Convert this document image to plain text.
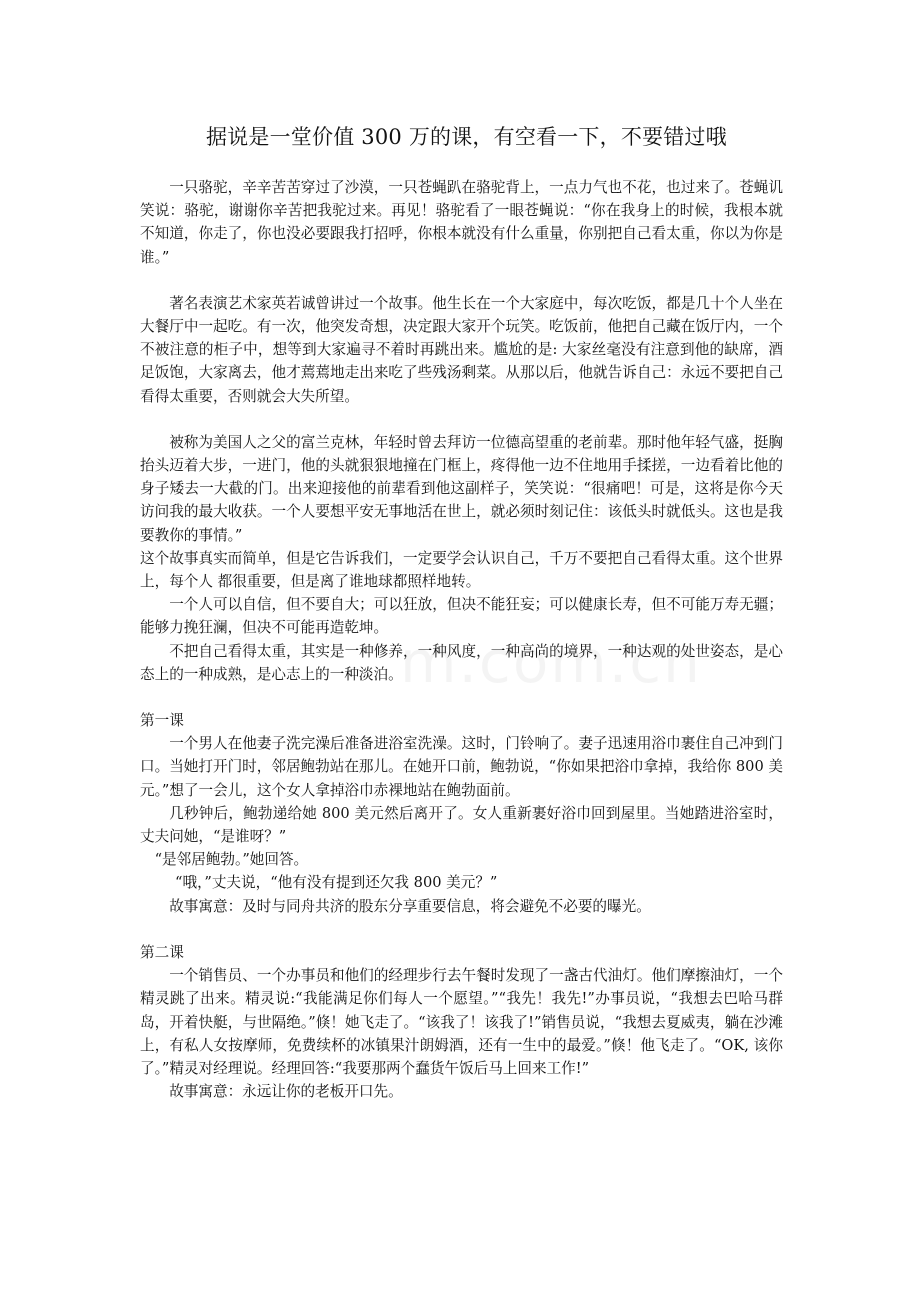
据说是一堂价值 300 万的课，有空看一下，不要错过哦

一只骆驼，辛辛苦苦穿过了沙漠，一只苍蝇趴在骆驼背上，一点力气也不花，也过来了。苍蝇讥笑说：骆驼，谢谢你辛苦把我驼过来。再见！骆驼看了一眼苍蝇说：“你在我身上的时候，我根本就不知道，你走了，你也没必要跟我打招呼，你根本就没有什么重量，你别把自己看太重，你以为你是谁。”

著名表演艺术家英若诚曾讲过一个故事。他生长在一个大家庭中，每次吃饭，都是几十个人坐在大餐厅中一起吃。有一次，他突发奇想，决定跟大家开个玩笑。吃饭前，他把自己藏在饭厅内，一个不被注意的柜子中，想等到大家遍寻不着时再跳出来。尴尬的是: 大家丝毫没有注意到他的缺席，酒足饭饱，大家离去，他才蔫蔫地走出来吃了些残汤剩菜。从那以后，他就告诉自己：永远不要把自己看得太重要，否则就会大失所望。

被称为美国人之父的富兰克林，年轻时曾去拜访一位德高望重的老前辈。那时他年轻气盛，挺胸抬头迈着大步，一进门，他的头就狠狠地撞在门框上，疼得他一边不住地用手揉搓，一边看着比他的身子矮去一大截的门。出来迎接他的前辈看到他这副样子，笑笑说：“很痛吧！可是，这将是你今天访问我的最大收获。一个人要想平安无事地活在世上，就必须时刻记住：该低头时就低头。这也是我要教你的事情。”

这个故事真实而简单，但是它告诉我们，一定要学会认识自己，千万不要把自己看得太重。这个世界上，每个人 都很重要，但是离了谁地球都照样地转。

一个人可以自信，但不要自大；可以狂放，但决不能狂妄；可以健康长寿，但不可能万寿无疆；能够力挽狂澜，但决不可能再造乾坤。

不把自己看得太重，其实是一种修养，一种风度，一种高尚的境界，一种达观的处世姿态，是心态上的一种成熟，是心志上的一种淡泊。

第一课

一个男人在他妻子洗完澡后准备进浴室洗澡。这时，门铃响了。妻子迅速用浴巾裹住自己冲到门口。当她打开门时，邻居鲍勃站在那儿。在她开口前，鲍勃说，“你如果把浴巾拿掉，我给你 800 美元。”想了一会儿，这个女人拿掉浴巾赤裸地站在鲍勃面前。

几秒钟后，鲍勃递给她 800 美元然后离开了。女人重新裹好浴巾回到屋里。当她踏进浴室时，丈夫问她，“是谁呀？”

“是邻居鲍勃。”她回答。

“哦，”丈夫说，“他有没有提到还欠我 800 美元？”

故事寓意：及时与同舟共济的股东分享重要信息，将会避免不必要的曝光。

第二课

一个销售员、一个办事员和他们的经理步行去午餐时发现了一盏古代油灯。他们摩擦油灯，一个精灵跳了出来。精灵说:“我能满足你们每人一个愿望。”“我先！我先!”办事员说，“我想去巴哈马群岛，开着快艇，与世隔绝。”倏！她飞走了。“该我了！该我了!”销售员说，“我想去夏威夷，躺在沙滩上，有私人女按摩师，免费续杯的冰镇果汁朗姆酒，还有一生中的最爱。”倏！他飞走了。“OK, 该你了。”精灵对经理说。经理回答:“我要那两个蠢货午饭后马上回来工作!”

故事寓意：永远让你的老板开口先。
